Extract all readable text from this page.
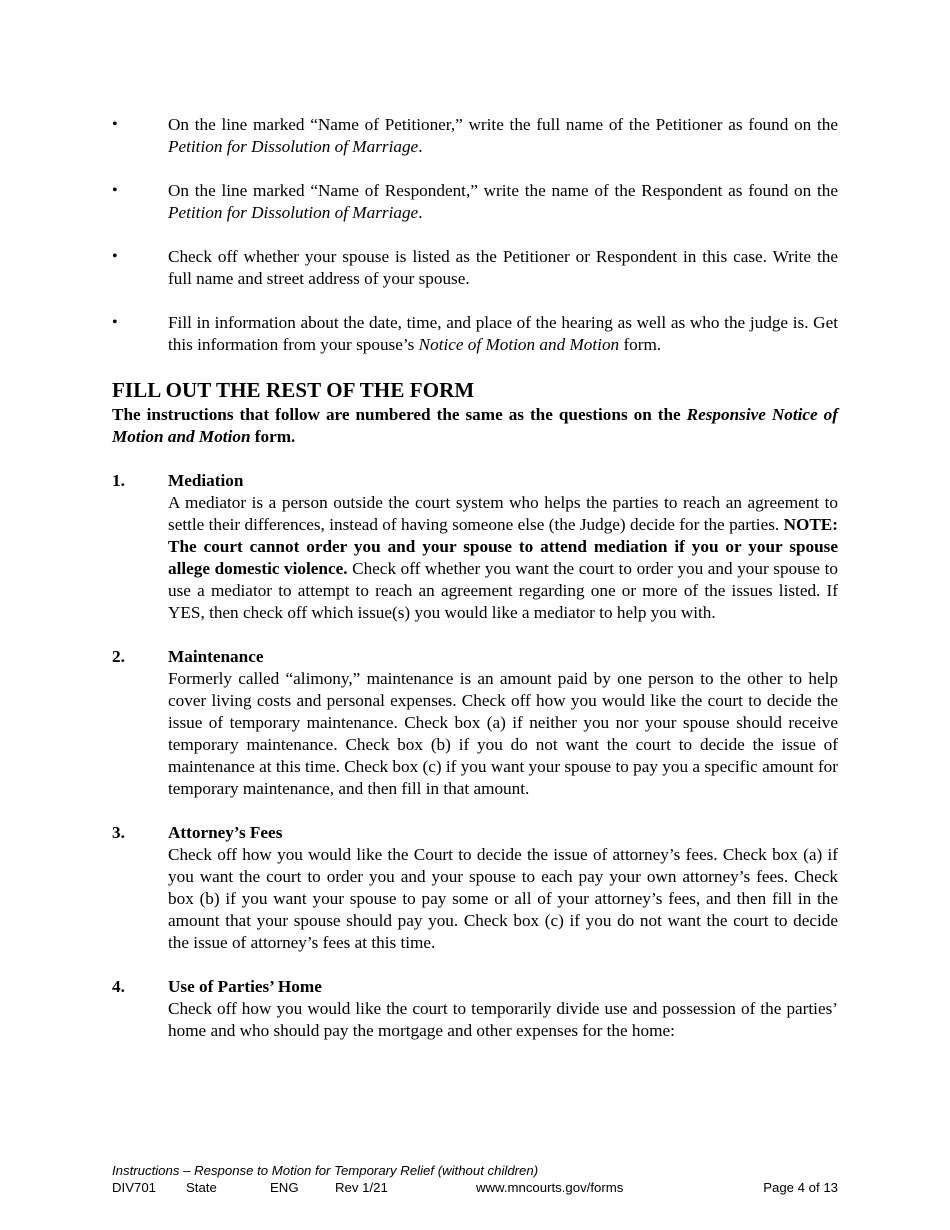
•	On the line marked “Name of Petitioner,” write the full name of the Petitioner as found on the Petition for Dissolution of Marriage.
•	On the line marked “Name of Respondent,” write the name of the Respondent as found on the Petition for Dissolution of Marriage.
•	Check off whether your spouse is listed as the Petitioner or Respondent in this case. Write the full name and street address of your spouse.
•	Fill in information about the date, time, and place of the hearing as well as who the judge is. Get this information from your spouse’s Notice of Motion and Motion form.
FILL OUT THE REST OF THE FORM

The instructions that follow are numbered the same as the questions on the Responsive Notice of Motion and Motion form.

1.	Mediation
A mediator is a person outside the court system who helps the parties to reach an agreement to settle their differences, instead of having someone else (the Judge) decide for the parties. NOTE: The court cannot order you and your spouse to attend mediation if you or your spouse allege domestic violence. Check off whether you want the court to order you and your spouse to use a mediator to attempt to reach an agreement regarding one or more of the issues listed. If YES, then check off which issue(s) you would like a mediator to help you with.
2.	Maintenance
Formerly called “alimony,” maintenance is an amount paid by one person to the other to help cover living costs and personal expenses. Check off how you would like the court to decide the issue of temporary maintenance. Check box (a) if neither you nor your spouse should receive temporary maintenance. Check box (b) if you do not want the court to decide the issue of maintenance at this time. Check box (c) if you want your spouse to pay you a specific amount for temporary maintenance, and then fill in that amount.
3.	Attorney’s Fees
Check off how you would like the Court to decide the issue of attorney’s fees. Check box (a) if you want the court to order you and your spouse to each pay your own attorney’s fees. Check box (b) if you want your spouse to pay some or all of your attorney’s fees, and then fill in the amount that your spouse should pay you. Check box (c) if you do not want the court to decide the issue of attorney’s fees at this time.
4.	Use of Parties’ Home
Check off how you would like the court to temporarily divide use and possession of the parties’ home and who should pay the mortgage and other expenses for the home:
Instructions – Response to Motion for Temporary Relief (without children)
DIV701 State	ENG	Rev 1/21	www.mncourts.gov/forms	Page 4 of 13
